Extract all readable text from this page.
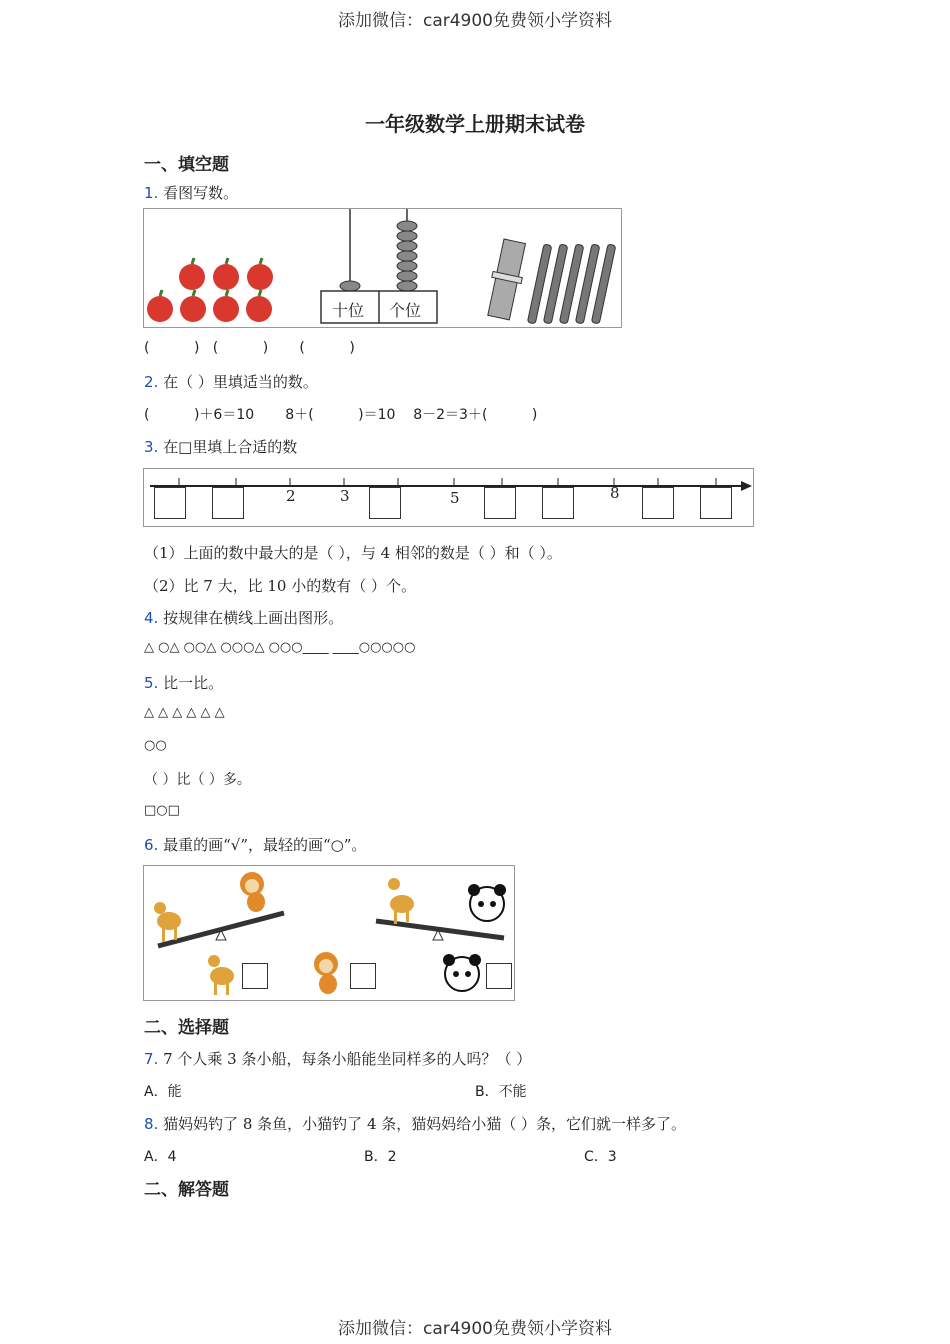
添加微信：car4900免费领小学资料
一年级数学上册期末试卷
一、填空题
1. 看图写数。
十位 个位
(          )   (          )       (          )
2. 在（ ）里填适当的数。
(          )＋6＝10       8＋(          )＝10    8－2＝3＋(          )
3. 在□里填上合适的数
2	3	5	8
（1）上面的数中最大的是（ ），与 4 相邻的数是（ ）和（ ）。
（2）比 7 大，比 10 小的数有（ ）个。
4. 按规律在横线上画出图形。
△ ○△ ○○△ ○○○△ ○○○____ ____○○○○○
5. 比一比。
△ △ △ △ △ △
○○
（ ）比（ ）多。
□○□
6. 最重的画“√”，最轻的画“○”。
二、选择题
7. 7 个人乘 3 条小船，每条小船能坐同样多的人吗？（ ）
A．能	B．不能
8. 猫妈妈钓了 8 条鱼，小猫钓了 4 条，猫妈妈给小猫（ ）条，它们就一样多了。
A．4	B．2	C．3
二、解答题
添加微信：car4900免费领小学资料
